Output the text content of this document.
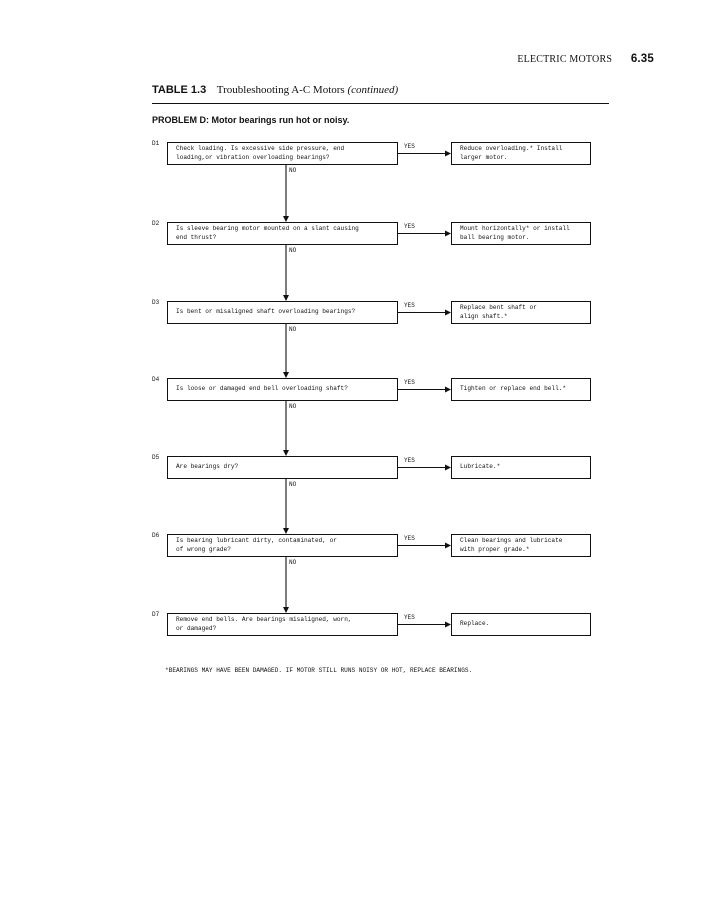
ELECTRIC MOTORS 6.35
TABLE 1.3 Troubleshooting A-C Motors (continued)
PROBLEM D: Motor bearings run hot or noisy.
D1
Check loading. Is excessive side pressure, end
loading,or vibration overloading bearings?
Reduce overloading.* Install
larger motor.
YES
NO
D2
Is sleeve bearing motor mounted on a slant causing
end thrust?
Mount horizontally* or install
ball bearing motor.
YES
NO
D3
Is bent or misaligned shaft overloading bearings?
Replace bent shaft or
align shaft.*
YES
NO
D4
Is loose or damaged end bell overloading shaft?	Tighten or replace end bell.*
YES
NO
D5
Are bearings dry?	Lubricate.*
YES
NO
D6
Is bearing lubricant dirty, contaminated, or
of wrong grade?
Clean bearings and lubricate
with proper grade.*
YES
NO
D7
Remove end bells. Are bearings misaligned, worn,
or damaged?
Replace.
YES
*BEARINGS MAY HAVE BEEN DAMAGED. IF MOTOR STILL RUNS NOISY OR HOT, REPLACE BEARINGS.
